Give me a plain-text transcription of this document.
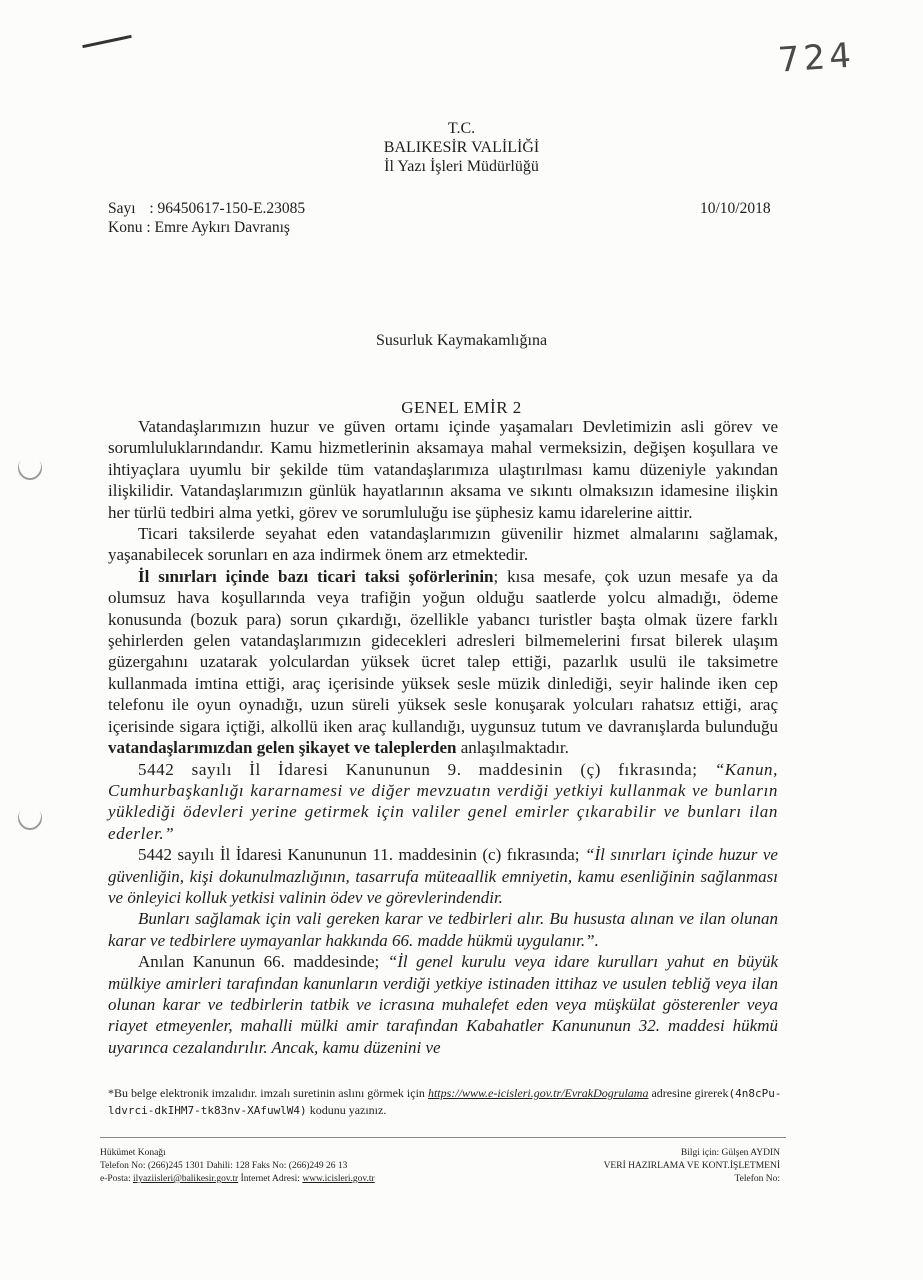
724
T.C.
BALIKESİR VALİLİĞİ
İl Yazı İşleri Müdürlüğü
Sayı : 96450617-150-E.23085	10/10/2018
Konu : Emre Aykırı Davranış
Susurluk Kaymakamlığına
GENEL EMİR 2

Vatandaşlarımızın huzur ve güven ortamı içinde yaşamaları Devletimizin asli görev ve sorumluluklarındandır. Kamu hizmetlerinin aksamaya mahal vermeksizin, değişen koşullara ve ihtiyaçlara uyumlu bir şekilde tüm vatandaşlarımıza ulaştırılması kamu düzeniyle yakından ilişkilidir. Vatandaşlarımızın günlük hayatlarının aksama ve sıkıntı olmaksızın idamesine ilişkin her türlü tedbiri alma yetki, görev ve sorumluluğu ise şüphesiz kamu idarelerine aittir.

Ticari taksilerde seyahat eden vatandaşlarımızın güvenilir hizmet almalarını sağlamak, yaşanabilecek sorunları en aza indirmek önem arz etmektedir.

İl sınırları içinde bazı ticari taksi şoförlerinin; kısa mesafe, çok uzun mesafe ya da olumsuz hava koşullarında veya trafiğin yoğun olduğu saatlerde yolcu almadığı, ödeme konusunda (bozuk para) sorun çıkardığı, özellikle yabancı turistler başta olmak üzere farklı şehirlerden gelen vatandaşlarımızın gidecekleri adresleri bilmemelerini fırsat bilerek ulaşım güzergahını uzatarak yolculardan yüksek ücret talep ettiği, pazarlık usulü ile taksimetre kullanmada imtina ettiği, araç içerisinde yüksek sesle müzik dinlediği, seyir halinde iken cep telefonu ile oyun oynadığı, uzun süreli yüksek sesle konuşarak yolcuları rahatsız ettiği, araç içerisinde sigara içtiği, alkollü iken araç kullandığı, uygunsuz tutum ve davranışlarda bulunduğu vatandaşlarımızdan gelen şikayet ve taleplerden anlaşılmaktadır.

5442 sayılı İl İdaresi Kanununun 9. maddesinin (ç) fıkrasında; “Kanun, Cumhurbaşkanlığı kararnamesi ve diğer mevzuatın verdiği yetkiyi kullanmak ve bunların yüklediği ödevleri yerine getirmek için valiler genel emirler çıkarabilir ve bunları ilan ederler.”

5442 sayılı İl İdaresi Kanununun 11. maddesinin (c) fıkrasında; “İl sınırları içinde huzur ve güvenliğin, kişi dokunulmazlığının, tasarrufa müteaallik emniyetin, kamu esenliğinin sağlanması ve önleyici kolluk yetkisi valinin ödev ve görevlerindendir.

Bunları sağlamak için vali gereken karar ve tedbirleri alır. Bu hususta alınan ve ilan olunan karar ve tedbirlere uymayanlar hakkında 66. madde hükmü uygulanır.”.

Anılan Kanunun 66. maddesinde; “İl genel kurulu veya idare kurulları yahut en büyük mülkiye amirleri tarafından kanunların verdiği yetkiye istinaden ittihaz ve usulen tebliğ veya ilan olunan karar ve tedbirlerin tatbik ve icrasına muhalefet eden veya müşkülat gösterenler veya riayet etmeyenler, mahalli mülki amir tarafından Kabahatler Kanununun 32. maddesi hükmü uyarınca cezalandırılır. Ancak, kamu düzenini ve

*Bu belge elektronik imzalıdır. imzalı suretinin aslını görmek için https://www.e-icisleri.gov.tr/EvrakDogrulama adresine girerek(4n8cPu-ldvrci-dkIHM7-tk83nv-XAfuwlW4) kodunu yazınız.
Hükümet Konağı
Telefon No: (266)245 1301 Dahili: 128 Faks No: (266)249 26 13
e-Posta: ilyaziisleri@balikesir.gov.tr İnternet Adresi: www.icisleri.gov.tr
Bilgi için: Gülşen AYDIN
VERİ HAZIRLAMA VE KONT.İŞLETMENİ
Telefon No:
